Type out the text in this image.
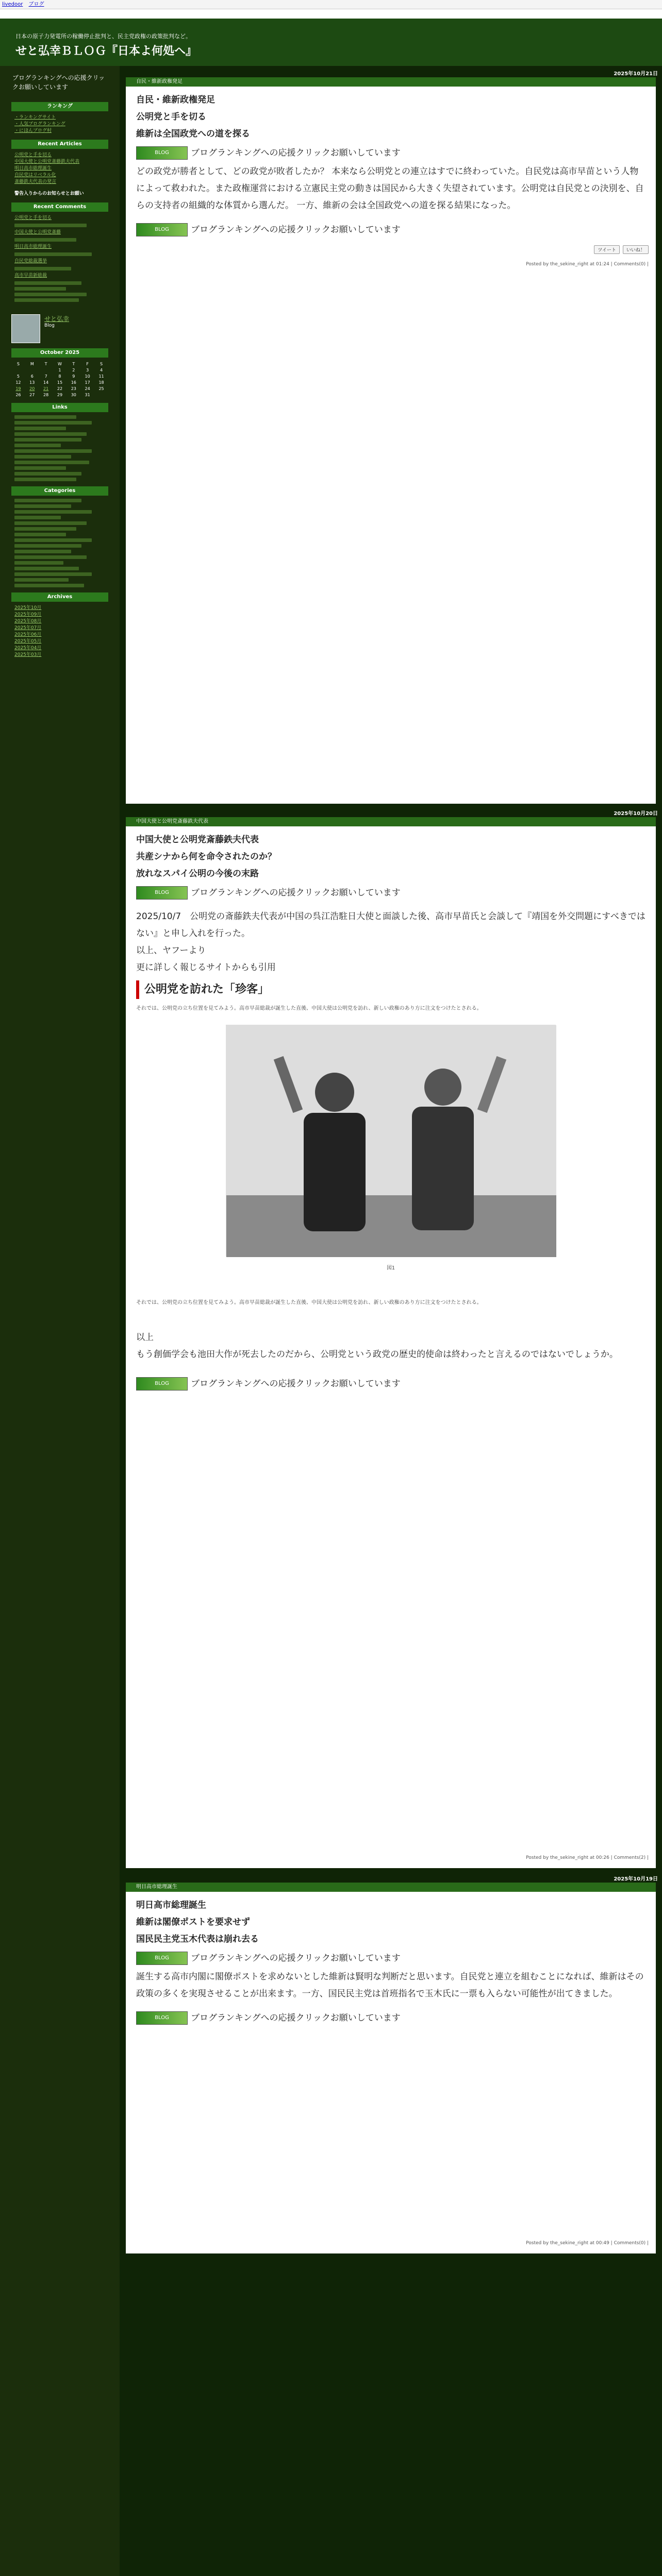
livedoor ブログ
日本の原子力発電所の稼働停止批判と、民主党政権の政策批判など。
せと弘幸ＢＬＯＧ『日本よ何処へ』
ブログランキングへの応援クリックお願いしています
ランキング
・ランキングサイト
・人気ブログランキング
・にほんブログ村
Recent Articles
公明党と手を切る
中国大使と公明党斎藤鉄夫代表
明日高市総理誕生
自民党はリベラル化
斎藤鉄夫代表の発言
警告入りからのお知らせとお願い
Recent Comments
公明党と手を切る
中国大使と公明党斎藤
明日高市総理誕生
自民党総裁選挙
高市早苗新総裁
せと弘幸
Blog
October 2025
S	M	T	W	T	F	S
			1	2	3	4
5	6	7	8	9	10	11
12	13	14	15	16	17	18
19	20	21	22	23	24	25
26	27	28	29	30	31	
Links
Categories
Archives
2025年10月
2025年09月
2025年08月
2025年07月
2025年06月
2025年05月
2025年04月
2025年03月
2025年10月21日
自民・維新政権発足

自民・維新政権発足

公明党と手を切る

維新は全国政党への道を探る

BLOG	ブログランキングへの応援クリックお願いしています

どの政党が勝者として、どの政党が敗者したか？ 本来なら公明党との連立はすでに終わっていた。自民党は高市早苗という人物によって救われた。また政権運営における立憲民主党の動きは国民から大きく失望されています。公明党は自民党との決別を、自らの支持者の組織的な体質から選んだ。 一方、維新の会は全国政党への道を探る結果になった。

BLOG	ブログランキングへの応援クリックお願いしています
ツイート	いいね！
Posted by the_sekine_right at 01:24 | Comments(0) |
2025年10月20日
中国大使と公明党斎藤鉄夫代表

中国大使と公明党斎藤鉄夫代表

共産シナから何を命令されたのか？

放れなスパイ公明の今後の末路

BLOG	ブログランキングへの応援クリックお願いしています

2025/10/7　公明党の斎藤鉄夫代表が中国の呉江浩駐日大使と面談した後、高市早苗氏と会談して『靖国を外交問題にすべきではない』と申し入れを行った。

以上、ヤフーより

更に詳しく報じるサイトからも引用

公明党を訪れた「珍客」

それでは、公明党の立ち位置を見てみよう。高市早苗総裁が誕生した直後、中国大使は公明党を訪れ、新しい政権のあり方に注文をつけたとされる。

図1

それでは、公明党の立ち位置を見てみよう。高市早苗総裁が誕生した直後、中国大使は公明党を訪れ、新しい政権のあり方に注文をつけたとされる。

以上

もう創価学会も池田大作が死去したのだから、公明党という政党の歴史的使命は終わったと言えるのではないでしょうか。

BLOG	ブログランキングへの応援クリックお願いしています
Posted by the_sekine_right at 00:26 | Comments(2) |
2025年10月19日
明日高市総理誕生

明日高市総理誕生

維新は閣僚ポストを要求せず

国民民主党玉木代表は崩れ去る

BLOG	ブログランキングへの応援クリックお願いしています

誕生する高市内閣に閣僚ポストを求めないとした維新は賢明な判断だと思います。自民党と連立を組むことになれば、維新はその政策の多くを実現させることが出来ます。一方、国民民主党は首班指名で玉木氏に一票も入らない可能性が出てきました。

BLOG	ブログランキングへの応援クリックお願いしています
Posted by the_sekine_right at 00:49 | Comments(0) |
